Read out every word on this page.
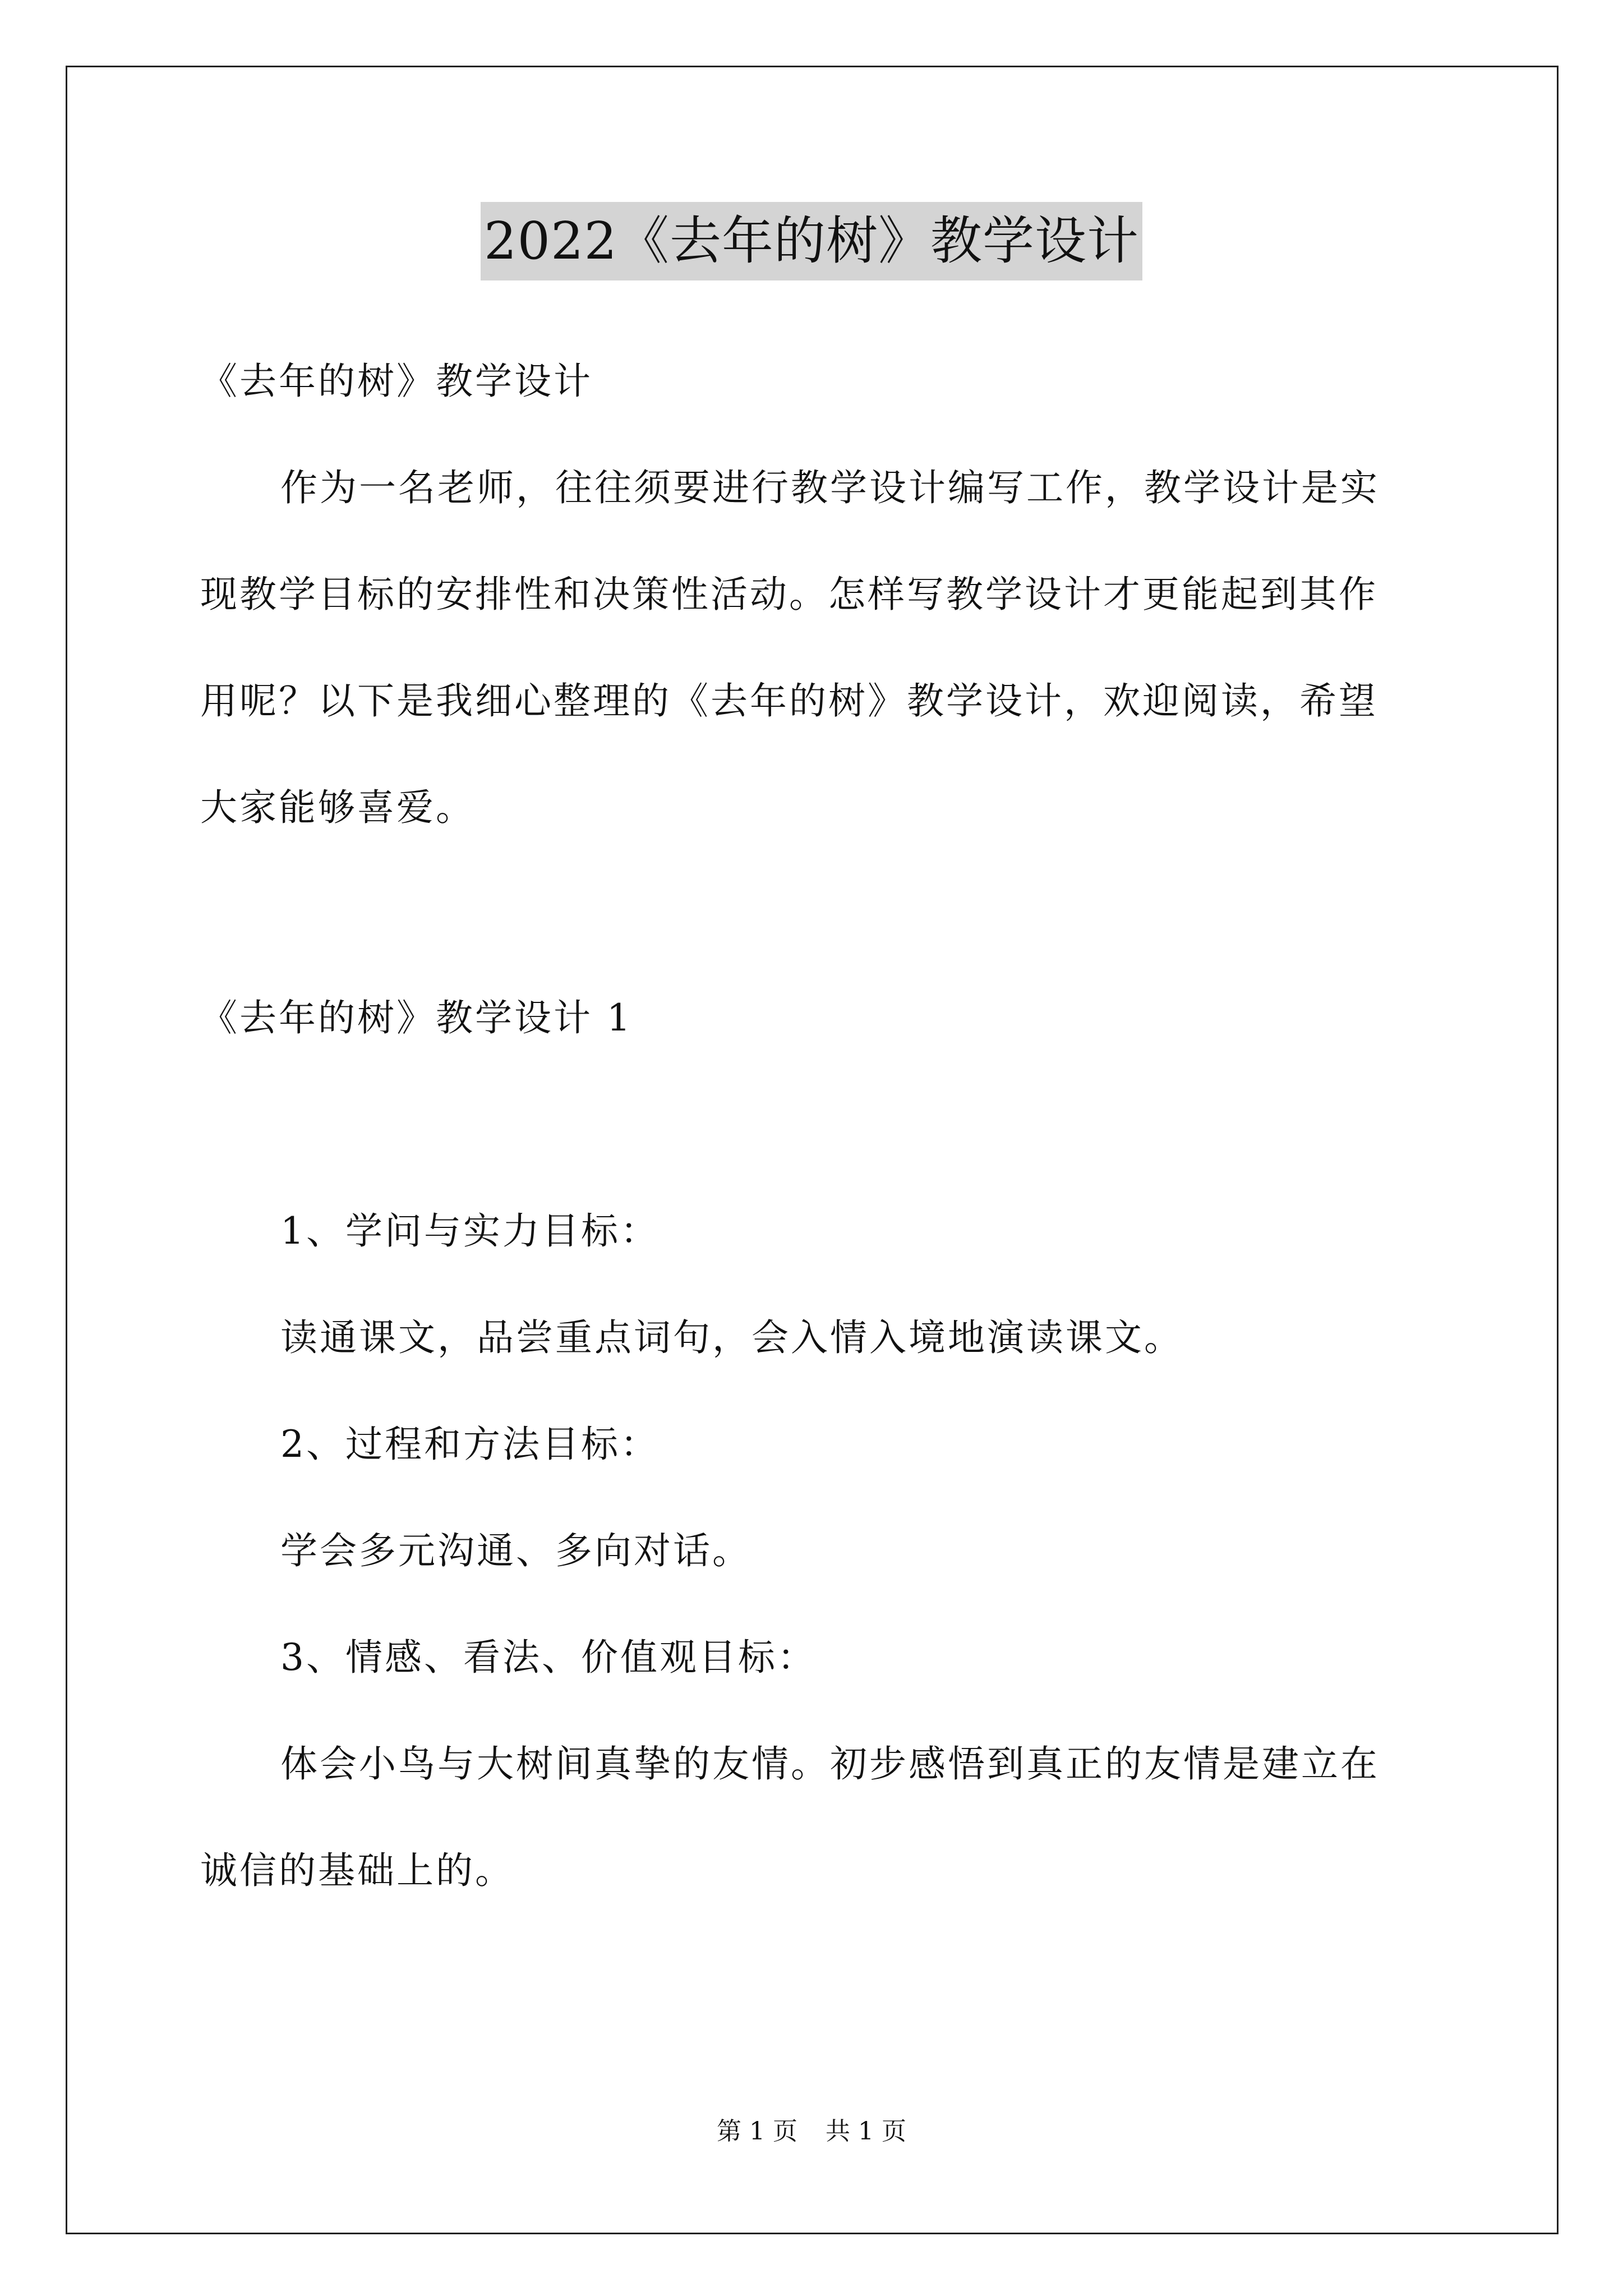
2022《去年的树》教学设计
《去年的树》教学设计
作为一名老师，往往须要进行教学设计编写工作，教学设计是实
现教学目标的安排性和决策性活动。怎样写教学设计才更能起到其作
用呢？以下是我细心整理的《去年的树》教学设计，欢迎阅读，希望
大家能够喜爱。
《去年的树》教学设计 1
1、学问与实力目标：
读通课文，品尝重点词句，会入情入境地演读课文。
2、过程和方法目标：
学会多元沟通、多向对话。
3、情感、看法、价值观目标：
体会小鸟与大树间真挚的友情。初步感悟到真正的友情是建立在
诚信的基础上的。
第 1 页 共 1 页
